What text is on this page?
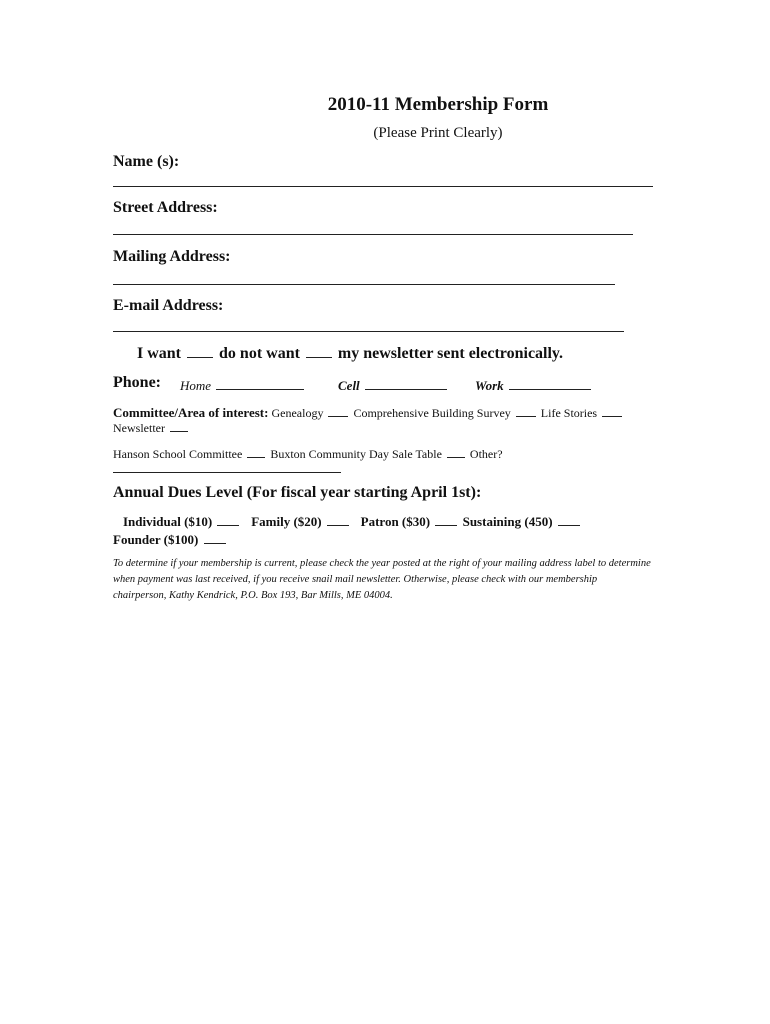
2010-11 Membership Form
(Please Print Clearly)
Name (s):
Street Address:
Mailing Address:
E-mail Address:
I want do not want my newsletter sent electronically.
Phone: Home	Cell	Work
Committee/Area of interest: Genealogy	Comprehensive Building Survey	Life Stories
Newsletter
Hanson School Committee Buxton Community Day Sale Table Other?
Annual Dues Level (For fiscal year starting April 1st):
Individual ($10)	Family ($20)	Patron ($30)	Sustaining (450)
Founder ($100)
To determine if your membership is current, please check the year posted at the right of your mailing address label to determine when payment was last received, if you receive snail mail newsletter. Otherwise, please check with our membership chairperson, Kathy Kendrick, P.O. Box 193, Bar Mills, ME 04004.
